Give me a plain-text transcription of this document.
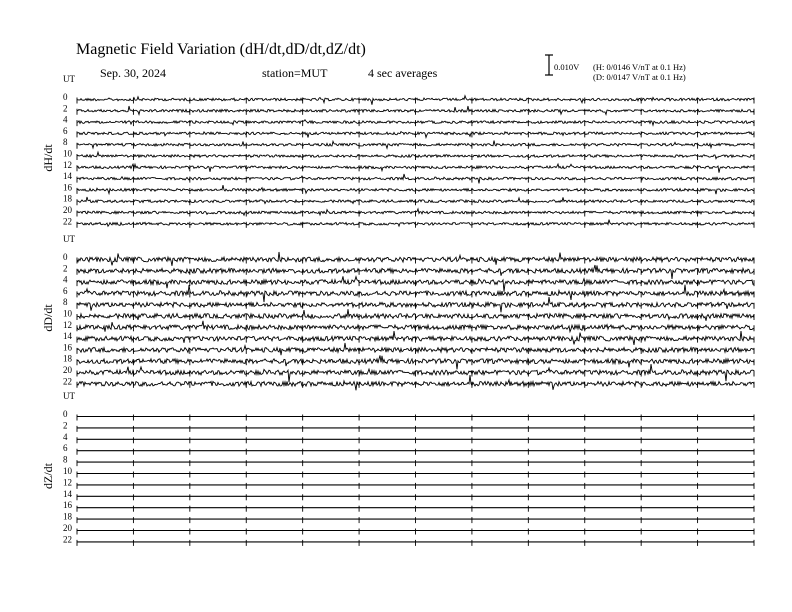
Magnetic Field Variation (dH/dt,dD/dt,dZ/dt)
Sep. 30, 2024	station=MUT	4 sec averages	0.010V (H: 0/0146 V/nT at 0.1 Hz)
(D: 0/0147 V/nT at 0.1 Hz)
UT
dH/dt
0
2
4
6
8
10
12
14
16
18
20
22
UT
dD/dt
0
2
4
6
8
10
12
14
16
18
20
22
UT
dZ/dt
0
2
4
6
8
10
12
14
16
18
20
22
